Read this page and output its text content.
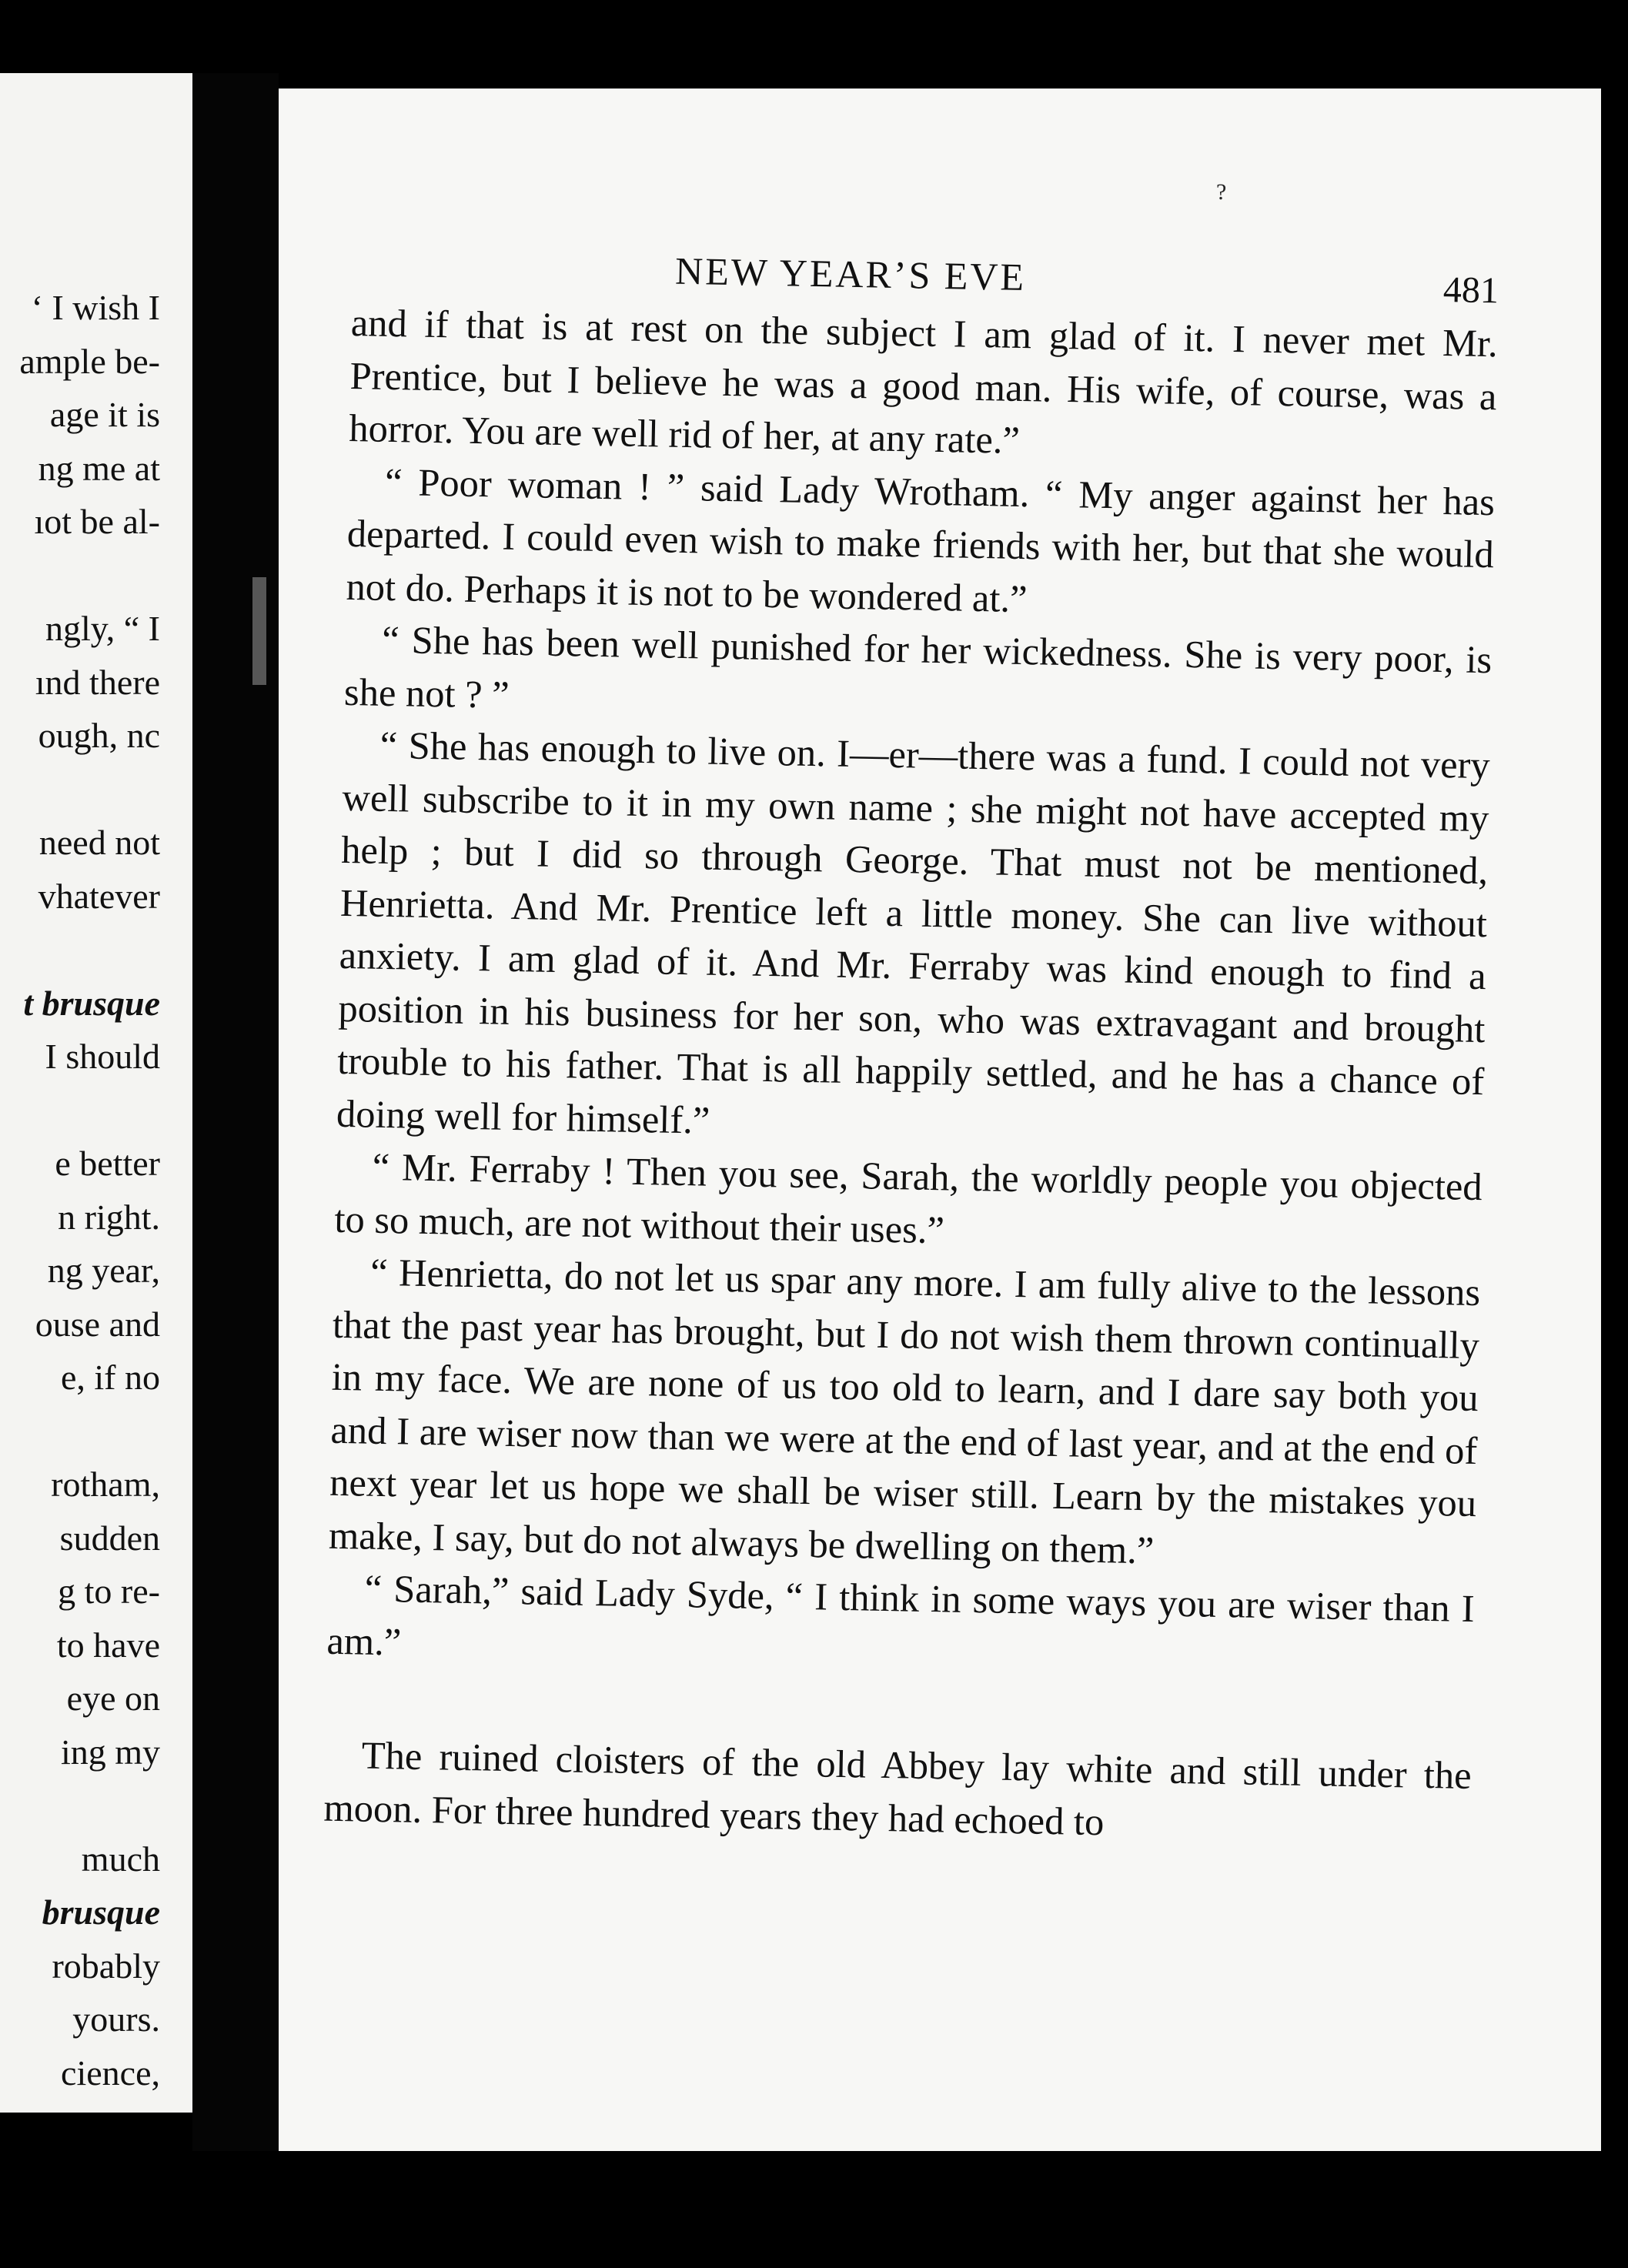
‘ I wish I
ample be-
age it is
ng me at
ıot be al-
ngly, “ I
ınd there
ough, nc
need not
vhatever
t brusque
I should
e better
n right.
ng year,
ouse and
e, if no
rotham,
sudden
g to re-
to have
eye on
ing my
much
brusque
robably
yours.
cience,
?
NEW YEAR’S EVE	481

and if that is at rest on the subject I am glad of it. I never met Mr. Prentice, but I believe he was a good man. His wife, of course, was a horror. You are well rid of her, at any rate.”

“ Poor woman ! ” said Lady Wrotham. “ My anger against her has departed. I could even wish to make friends with her, but that she would not do. Perhaps it is not to be wondered at.”

“ She has been well punished for her wickedness. She is very poor, is she not ? ”

“ She has enough to live on. I—er—there was a fund. I could not very well subscribe to it in my own name ; she might not have accepted my help ; but I did so through George. That must not be mentioned, Henrietta. And Mr. Prentice left a little money. She can live without anxiety. I am glad of it. And Mr. Ferraby was kind enough to find a position in his business for her son, who was extravagant and brought trouble to his father. That is all happily settled, and he has a chance of doing well for himself.”

“ Mr. Ferraby ! Then you see, Sarah, the worldly people you objected to so much, are not without their uses.”

“ Henrietta, do not let us spar any more. I am fully alive to the lessons that the past year has brought, but I do not wish them thrown continually in my face. We are none of us too old to learn, and I dare say both you and I are wiser now than we were at the end of last year, and at the end of next year let us hope we shall be wiser still. Learn by the mistakes you make, I say, but do not always be dwelling on them.”

“ Sarah,” said Lady Syde, “ I think in some ways you are wiser than I am.”

The ruined cloisters of the old Abbey lay white and still under the moon. For three hundred years they had echoed to
